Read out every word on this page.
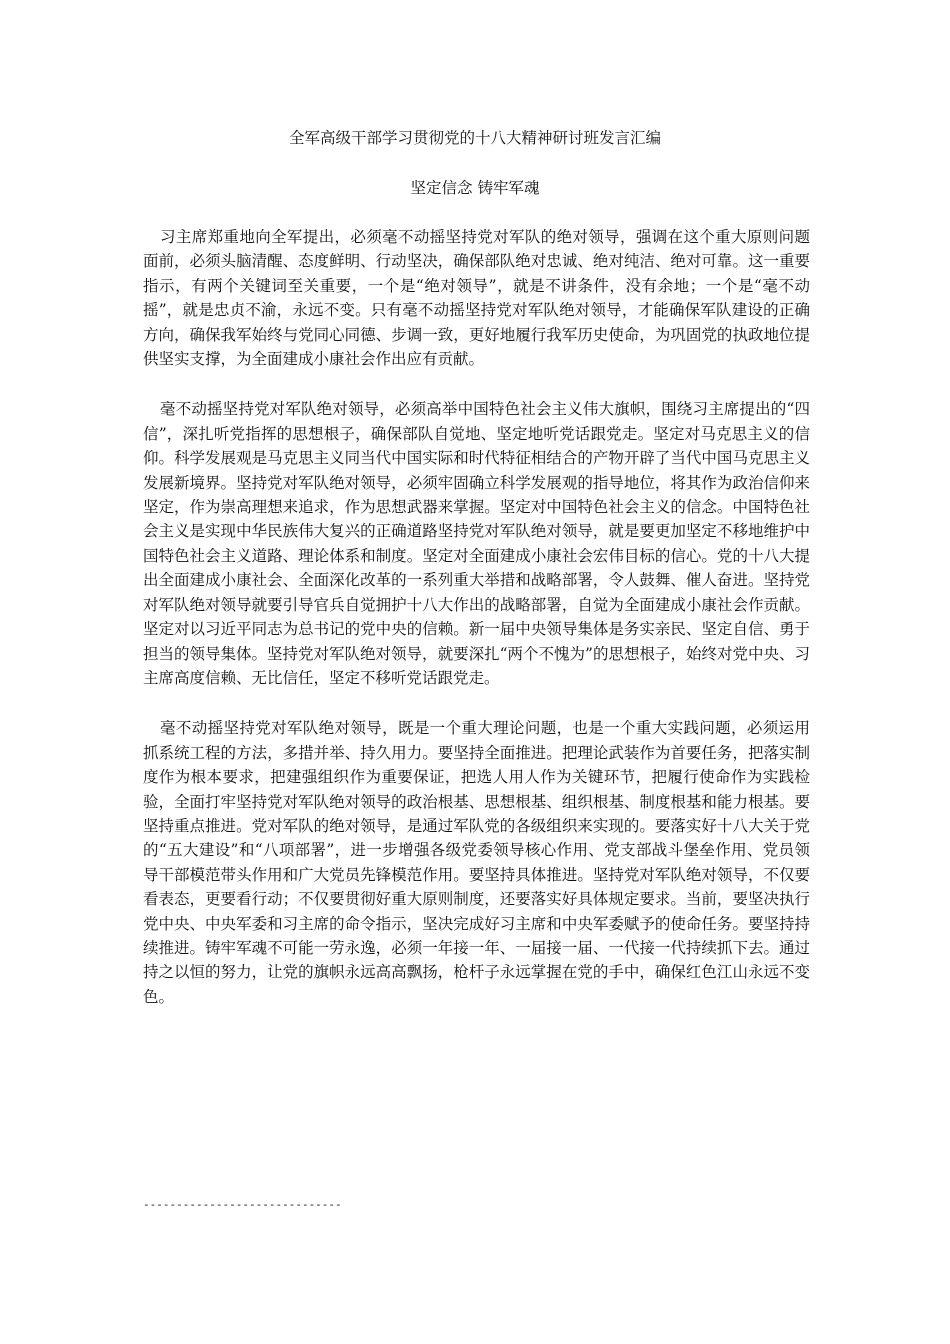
全军高级干部学习贯彻党的十八大精神研讨班发言汇编
坚定信念 铸牢军魂

习主席郑重地向全军提出，必须毫不动摇坚持党对军队的绝对领导，强调在这个重大原则问题面前，必须头脑清醒、态度鲜明、行动坚决，确保部队绝对忠诚、绝对纯洁、绝对可靠。这一重要指示，有两个关键词至关重要，一个是“绝对领导”，就是不讲条件，没有余地；一个是“毫不动摇”，就是忠贞不渝，永远不变。只有毫不动摇坚持党对军队绝对领导，才能确保军队建设的正确方向，确保我军始终与党同心同德、步调一致，更好地履行我军历史使命，为巩固党的执政地位提供坚实支撑，为全面建成小康社会作出应有贡献。

毫不动摇坚持党对军队绝对领导，必须高举中国特色社会主义伟大旗帜，围绕习主席提出的“四信”，深扎听党指挥的思想根子，确保部队自觉地、坚定地听党话跟党走。坚定对马克思主义的信仰。科学发展观是马克思主义同当代中国实际和时代特征相结合的产物开辟了当代中国马克思主义发展新境界。坚持党对军队绝对领导，必须牢固确立科学发展观的指导地位，将其作为政治信仰来坚定，作为崇高理想来追求，作为思想武器来掌握。坚定对中国特色社会主义的信念。中国特色社会主义是实现中华民族伟大复兴的正确道路坚持党对军队绝对领导，就是要更加坚定不移地维护中国特色社会主义道路、理论体系和制度。坚定对全面建成小康社会宏伟目标的信心。党的十八大提出全面建成小康社会、全面深化改革的一系列重大举措和战略部署，令人鼓舞、催人奋进。坚持党对军队绝对领导就要引导官兵自觉拥护十八大作出的战略部署，自觉为全面建成小康社会作贡献。坚定对以习近平同志为总书记的党中央的信赖。新一届中央领导集体是务实亲民、坚定自信、勇于担当的领导集体。坚持党对军队绝对领导，就要深扎“两个不愧为”的思想根子，始终对党中央、习主席高度信赖、无比信任，坚定不移听党话跟党走。

毫不动摇坚持党对军队绝对领导，既是一个重大理论问题，也是一个重大实践问题，必须运用抓系统工程的方法，多措并举、持久用力。要坚持全面推进。把理论武装作为首要任务，把落实制度作为根本要求，把建强组织作为重要保证，把选人用人作为关键环节，把履行使命作为实践检验，全面打牢坚持党对军队绝对领导的政治根基、思想根基、组织根基、制度根基和能力根基。要坚持重点推进。党对军队的绝对领导，是通过军队党的各级组织来实现的。要落实好十八大关于党的“五大建设”和“八项部署”，进一步增强各级党委领导核心作用、党支部战斗堡垒作用、党员领导干部模范带头作用和广大党员先锋模范作用。要坚持具体推进。坚持党对军队绝对领导，不仅要看表态，更要看行动；不仅要贯彻好重大原则制度，还要落实好具体规定要求。当前，要坚决执行党中央、中央军委和习主席的命令指示，坚决完成好习主席和中央军委赋予的使命任务。要坚持持续推进。铸牢军魂不可能一劳永逸，必须一年接一年、一届接一届、一代接一代持续抓下去。通过持之以恒的努力，让党的旗帜永远高高飘扬，枪杆子永远掌握在党的手中，确保红色江山永远不变色。

------------------------------
